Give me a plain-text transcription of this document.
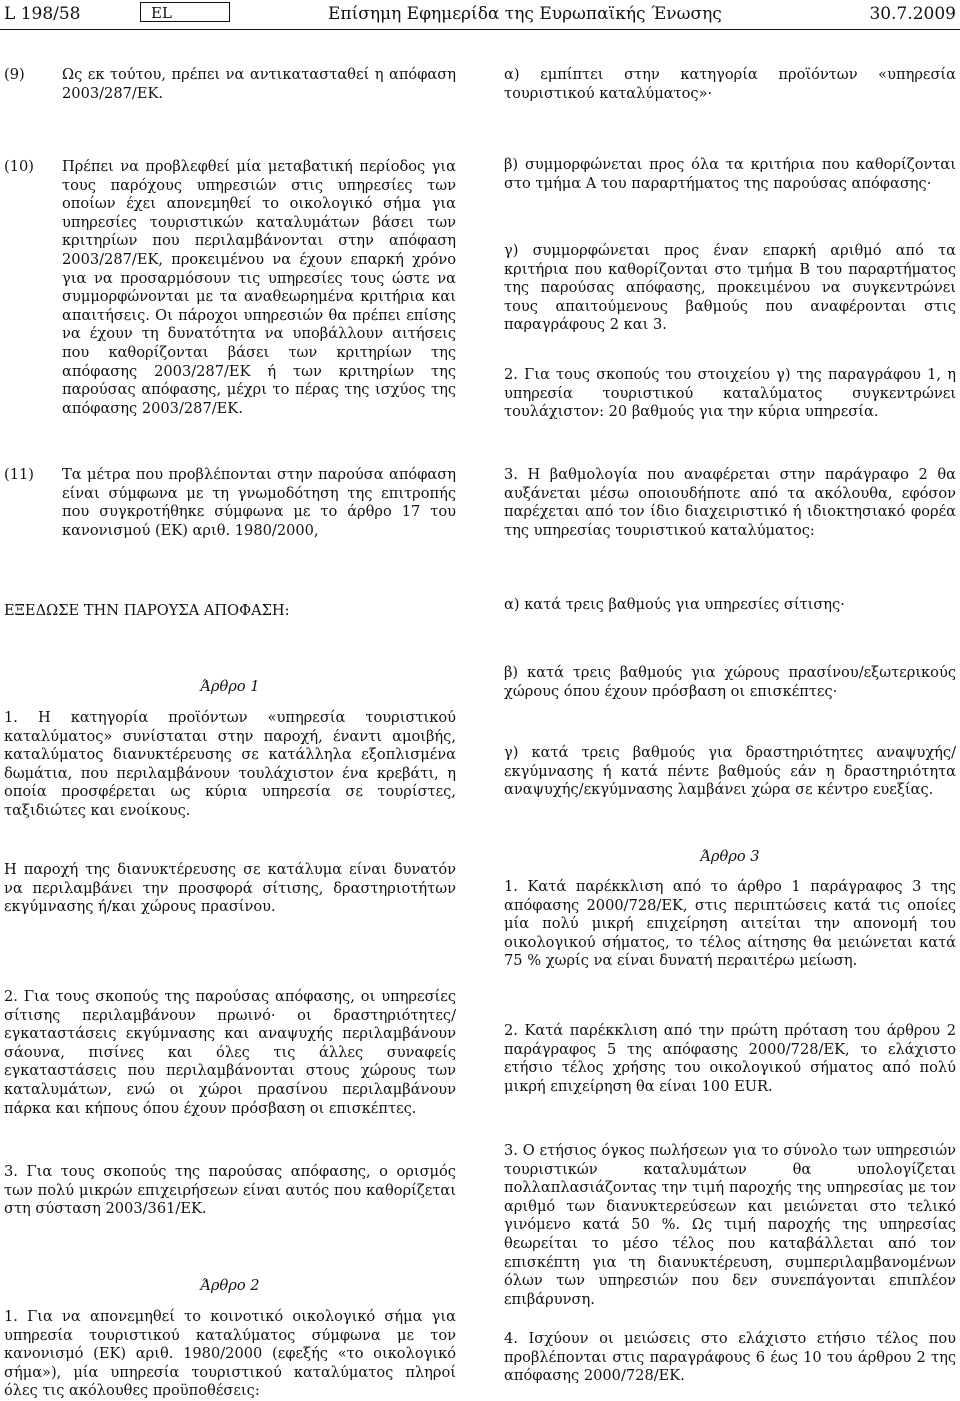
L 198/58	EL	Επίσημη Εφημερίδα της Ευρωπαϊκής Ένωσης	30.7.2009
(9)	Ως εκ τούτου, πρέπει να αντικατασταθεί η απόφαση 2003/287/ΕΚ.
(10) Πρέπει να προβλεφθεί μία μεταβατική περίοδος για τους παρόχους υπηρεσιών στις υπηρεσίες των οποίων έχει απονεμηθεί το οικολογικό σήμα για υπηρεσίες τουριστικών καταλυμάτων βάσει των κριτηρίων που περιλαμβάνονται στην απόφαση 2003/287/ΕΚ, προκειμένου να έχουν επαρκή χρόνο για να προσαρμόσουν τις υπηρεσίες τους ώστε να συμμορφώνονται με τα αναθεωρημένα κριτήρια και απαιτήσεις. Οι πάροχοι υπηρεσιών θα πρέπει επίσης να έχουν τη δυνατότητα να υποβάλλουν αιτήσεις που καθορίζονται βάσει των κριτηρίων της απόφασης 2003/287/ΕΚ ή των κριτηρίων της παρούσας απόφασης, μέχρι το πέρας της ισχύος της απόφασης 2003/287/ΕΚ.
(11) Τα μέτρα που προβλέπονται στην παρούσα απόφαση είναι σύμφωνα με τη γνωμοδότηση της επιτροπής που συγκροτήθηκε σύμφωνα με το άρθρο 17 του κανονισμού (ΕΚ) αριθ. 1980/2000,
ΕΞΕΔΩΣΕ ΤΗΝ ΠΑΡΟΥΣΑ ΑΠΟΦΑΣΗ:
Άρθρο 1
1. Η κατηγορία προϊόντων «υπηρεσία τουριστικού καταλύματος» συνίσταται στην παροχή, έναντι αμοιβής, καταλύματος διανυκτέρευσης σε κατάλληλα εξοπλισμένα δωμάτια, που περιλαμβάνουν τουλάχιστον ένα κρεβάτι, η οποία προσφέρεται ως κύρια υπηρεσία σε τουρίστες, ταξιδιώτες και ενοίκους.
Η παροχή της διανυκτέρευσης σε κατάλυμα είναι δυνατόν να περιλαμβάνει την προσφορά σίτισης, δραστηριοτήτων εκγύμνασης ή/και χώρους πρασίνου.
2. Για τους σκοπούς της παρούσας απόφασης, οι υπηρεσίες σίτισης περιλαμβάνουν πρωινό· οι δραστηριότητες/εγκαταστάσεις εκγύμνασης και αναψυχής περιλαμβάνουν σάουνα, πισίνες και όλες τις άλλες συναφείς εγκαταστάσεις που περιλαμβάνονται στους χώρους των καταλυμάτων, ενώ οι χώροι πρασίνου περιλαμβάνουν πάρκα και κήπους όπου έχουν πρόσβαση οι επισκέπτες.
3. Για τους σκοπούς της παρούσας απόφασης, ο ορισμός των πολύ μικρών επιχειρήσεων είναι αυτός που καθορίζεται στη σύσταση 2003/361/ΕΚ.
Άρθρο 2
1. Για να απονεμηθεί το κοινοτικό οικολογικό σήμα για υπηρεσία τουριστικού καταλύματος σύμφωνα με τον κανονισμό (ΕΚ) αριθ. 1980/2000 (εφεξής «το οικολογικό σήμα»), μία υπηρεσία τουριστικού καταλύματος πληροί όλες τις ακόλουθες προϋποθέσεις:
α) εμπίπτει στην κατηγορία προϊόντων «υπηρεσία τουριστικού καταλύματος»·
β) συμμορφώνεται προς όλα τα κριτήρια που καθορίζονται στο τμήμα Α του παραρτήματος της παρούσας απόφασης·
γ) συμμορφώνεται προς έναν επαρκή αριθμό από τα κριτήρια που καθορίζονται στο τμήμα Β του παραρτήματος της παρούσας απόφασης, προκειμένου να συγκεντρώνει τους απαιτούμενους βαθμούς που αναφέρονται στις παραγράφους 2 και 3.
2. Για τους σκοπούς του στοιχείου γ) της παραγράφου 1, η υπηρεσία τουριστικού καταλύματος συγκεντρώνει τουλάχιστον: 20 βαθμούς για την κύρια υπηρεσία.
3. Η βαθμολογία που αναφέρεται στην παράγραφο 2 θα αυξάνεται μέσω οποιουδήποτε από τα ακόλουθα, εφόσον παρέχεται από τον ίδιο διαχειριστικό ή ιδιοκτησιακό φορέα της υπηρεσίας τουριστικού καταλύματος:
α) κατά τρεις βαθμούς για υπηρεσίες σίτισης·
β) κατά τρεις βαθμούς για χώρους πρασίνου/εξωτερικούς χώρους όπου έχουν πρόσβαση οι επισκέπτες·
γ) κατά τρεις βαθμούς για δραστηριότητες αναψυχής/εκγύμνασης ή κατά πέντε βαθμούς εάν η δραστηριότητα αναψυχής/εκγύμνασης λαμβάνει χώρα σε κέντρο ευεξίας.
Άρθρο 3
1. Κατά παρέκκλιση από το άρθρο 1 παράγραφος 3 της απόφασης 2000/728/ΕΚ, στις περιπτώσεις κατά τις οποίες μία πολύ μικρή επιχείρηση αιτείται την απονομή του οικολογικού σήματος, το τέλος αίτησης θα μειώνεται κατά 75 % χωρίς να είναι δυνατή περαιτέρω μείωση.
2. Κατά παρέκκλιση από την πρώτη πρόταση του άρθρου 2 παράγραφος 5 της απόφασης 2000/728/ΕΚ, το ελάχιστο ετήσιο τέλος χρήσης του οικολογικού σήματος από πολύ μικρή επιχείρηση θα είναι 100 EUR.
3. Ο ετήσιος όγκος πωλήσεων για το σύνολο των υπηρεσιών τουριστικών καταλυμάτων θα υπολογίζεται πολλαπλασιάζοντας την τιμή παροχής της υπηρεσίας με τον αριθμό των διανυκτερεύσεων και μειώνεται στο τελικό γινόμενο κατά 50 %. Ως τιμή παροχής της υπηρεσίας θεωρείται το μέσο τέλος που καταβάλλεται από τον επισκέπτη για τη διανυκτέρευση, συμπεριλαμβανομένων όλων των υπηρεσιών που δεν συνεπάγονται επιπλέον επιβάρυνση.
4. Ισχύουν οι μειώσεις στο ελάχιστο ετήσιο τέλος που προβλέπονται στις παραγράφους 6 έως 10 του άρθρου 2 της απόφασης 2000/728/ΕΚ.
